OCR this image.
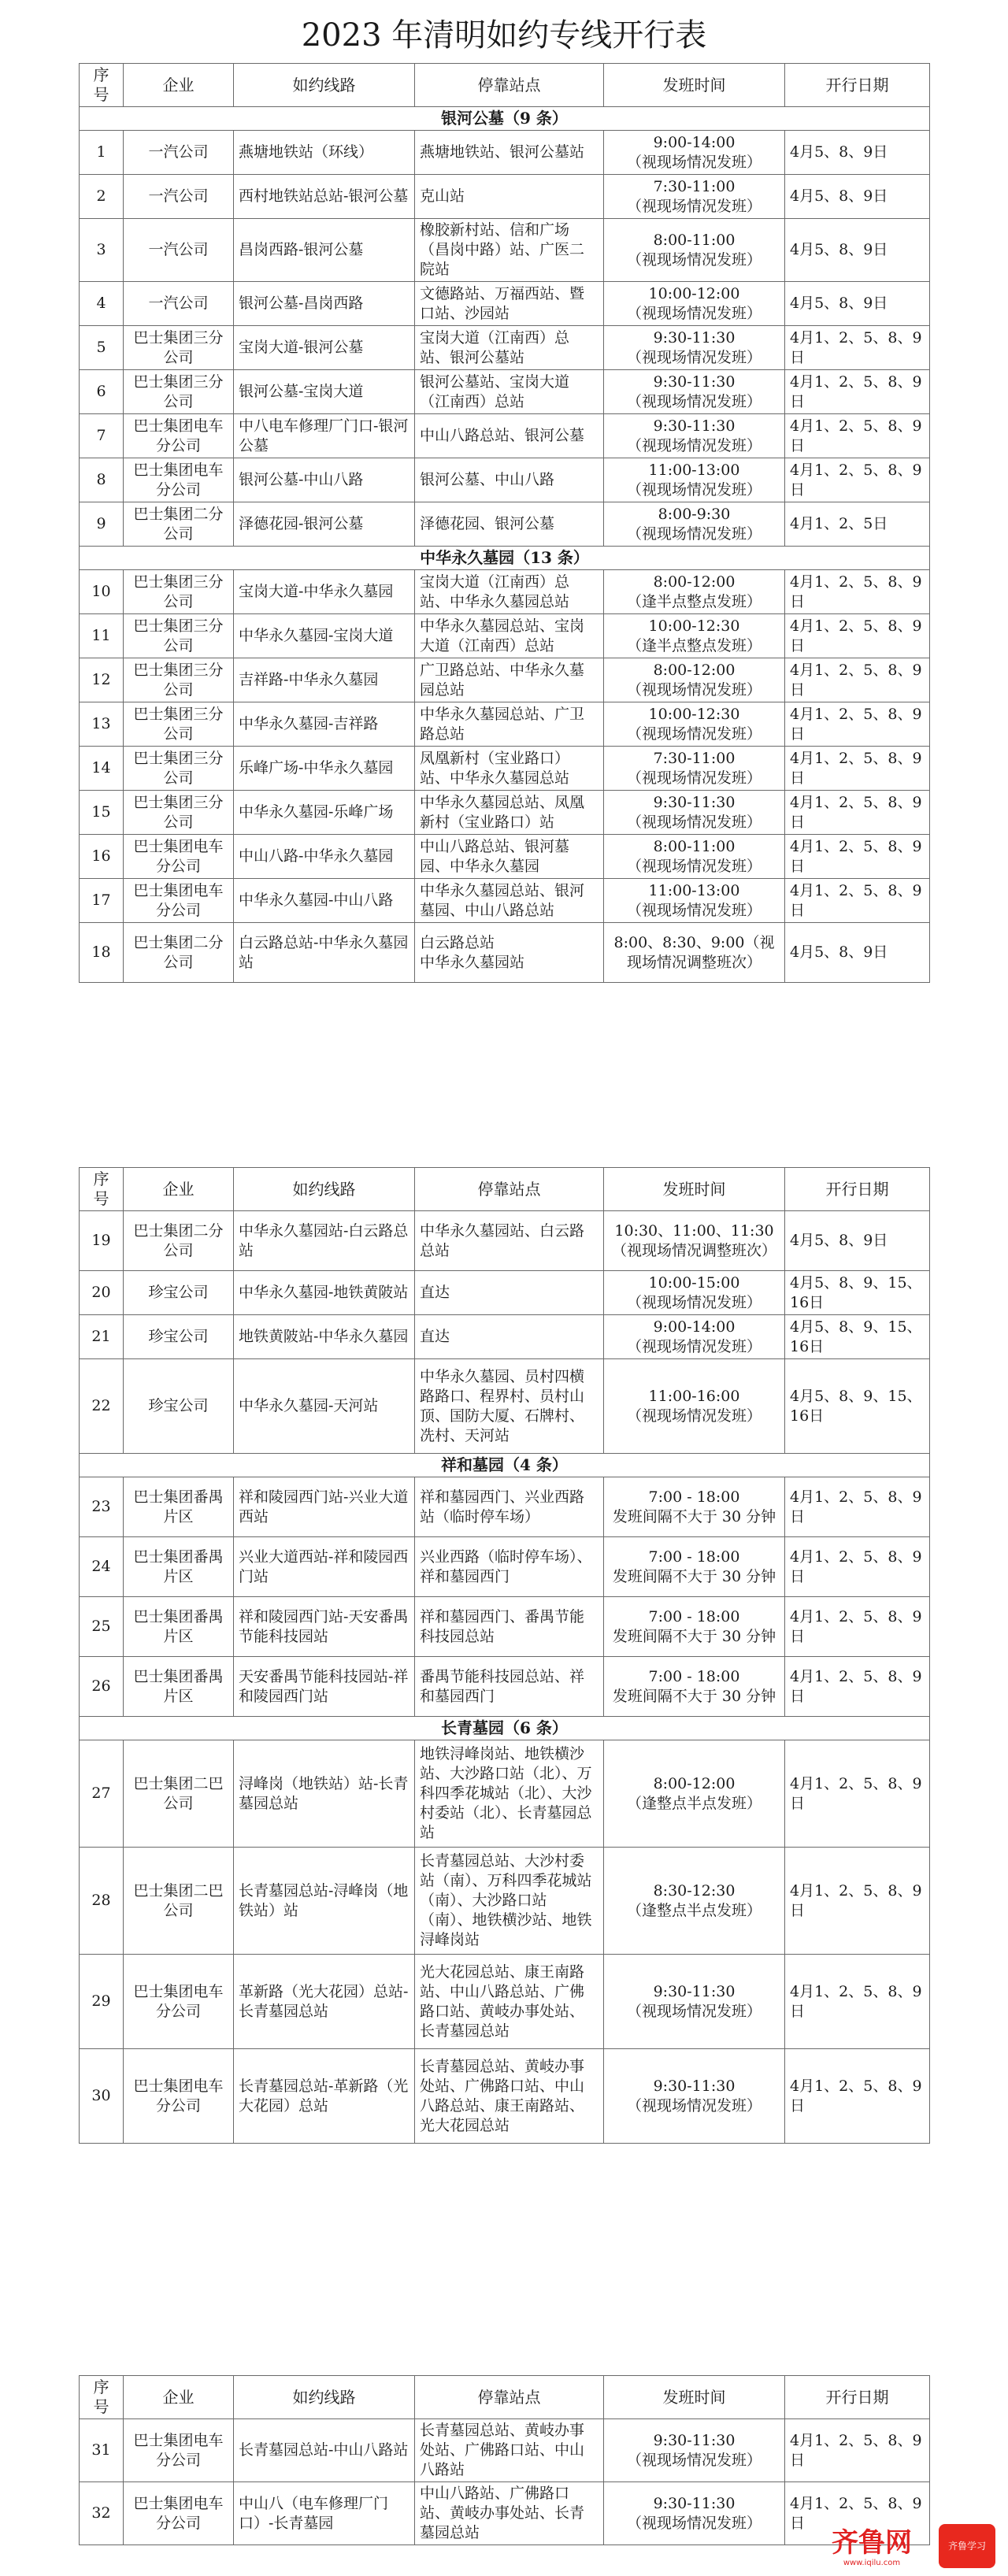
2023 年清明如约专线开行表
序
号	企业	如约线路	停靠站点	发班时间	开行日期
银河公墓（9 条）					
1	一汽公司	燕塘地铁站（环线）	燕塘地铁站、银河公墓站	9:00-14:00
（视现场情况发班）	4月5、8、9日
2	一汽公司	西村地铁站总站-银河公墓	克山站	7:30-11:00
（视现场情况发班）	4月5、8、9日
3	一汽公司	昌岗西路-银河公墓	橡胶新村站、信和广场（昌岗中路）站、广医二院站	8:00-11:00
（视现场情况发班）	4月5、8、9日
4	一汽公司	银河公墓-昌岗西路	文德路站、万福西站、暨口站、沙园站	10:00-12:00
（视现场情况发班）	4月5、8、9日
5	巴士集团三分公司	宝岗大道-银河公墓	宝岗大道（江南西）总站、银河公墓站	9:30-11:30
（视现场情况发班）	4月1、2、5、8、9日
6	巴士集团三分公司	银河公墓-宝岗大道	银河公墓站、宝岗大道（江南西）总站	9:30-11:30
（视现场情况发班）	4月1、2、5、8、9日
7	巴士集团电车分公司	中八电车修理厂门口-银河公墓	中山八路总站、银河公墓	9:30-11:30
（视现场情况发班）	4月1、2、5、8、9日
8	巴士集团电车分公司	银河公墓-中山八路	银河公墓、中山八路	11:00-13:00
（视现场情况发班）	4月1、2、5、8、9日
9	巴士集团二分公司	泽德花园-银河公墓	泽德花园、银河公墓	8:00-9:30
（视现场情况发班）	4月1、2、5日
中华永久墓园（13 条）					
10	巴士集团三分公司	宝岗大道-中华永久墓园	宝岗大道（江南西）总站、中华永久墓园总站	8:00-12:00
（逢半点整点发班）	4月1、2、5、8、9日
11	巴士集团三分公司	中华永久墓园-宝岗大道	中华永久墓园总站、宝岗大道（江南西）总站	10:00-12:30
（逢半点整点发班）	4月1、2、5、8、9日
12	巴士集团三分公司	吉祥路-中华永久墓园	广卫路总站、中华永久墓园总站	8:00-12:00
（视现场情况发班）	4月1、2、5、8、9日
13	巴士集团三分公司	中华永久墓园-吉祥路	中华永久墓园总站、广卫路总站	10:00-12:30
（视现场情况发班）	4月1、2、5、8、9日
14	巴士集团三分公司	乐峰广场-中华永久墓园	凤凰新村（宝业路口）站、中华永久墓园总站	7:30-11:00
（视现场情况发班）	4月1、2、5、8、9日
15	巴士集团三分公司	中华永久墓园-乐峰广场	中华永久墓园总站、凤凰新村（宝业路口）站	9:30-11:30
（视现场情况发班）	4月1、2、5、8、9日
16	巴士集团电车分公司	中山八路-中华永久墓园	中山八路总站、银河墓园、中华永久墓园	8:00-11:00
（视现场情况发班）	4月1、2、5、8、9日
17	巴士集团电车分公司	中华永久墓园-中山八路	中华永久墓园总站、银河墓园、中山八路总站	11:00-13:00
（视现场情况发班）	4月1、2、5、8、9日
18	巴士集团二分公司	白云路总站-中华永久墓园站	白云路总站
中华永久墓园站	8:00、8:30、9:00（视现场情况调整班次）	4月5、8、9日
序
号	企业	如约线路	停靠站点	发班时间	开行日期
19	巴士集团二分公司	中华永久墓园站-白云路总站	中华永久墓园站、白云路总站	10:30、11:00、11:30（视现场情况调整班次）	4月5、8、9日
20	珍宝公司	中华永久墓园-地铁黄陂站	直达	10:00-15:00
（视现场情况发班）	4月5、8、9、15、16日
21	珍宝公司	地铁黄陂站-中华永久墓园	直达	9:00-14:00
（视现场情况发班）	4月5、8、9、15、16日
22	珍宝公司	中华永久墓园-天河站	中华永久墓园、员村四横路路口、程界村、员村山顶、国防大厦、石牌村、冼村、天河站	11:00-16:00
（视现场情况发班）	4月5、8、9、15、16日
祥和墓园（4 条）					
23	巴士集团番禺片区	祥和陵园西门站-兴业大道西站	祥和墓园西门、兴业西路站（临时停车场）	7:00 - 18:00
发班间隔不大于 30 分钟	4月1、2、5、8、9日
24	巴士集团番禺片区	兴业大道西站-祥和陵园西门站	兴业西路（临时停车场）、祥和墓园西门	7:00 - 18:00
发班间隔不大于 30 分钟	4月1、2、5、8、9日
25	巴士集团番禺片区	祥和陵园西门站-天安番禺节能科技园站	祥和墓园西门、番禺节能科技园总站	7:00 - 18:00
发班间隔不大于 30 分钟	4月1、2、5、8、9日
26	巴士集团番禺片区	天安番禺节能科技园站-祥和陵园西门站	番禺节能科技园总站、祥和墓园西门	7:00 - 18:00
发班间隔不大于 30 分钟	4月1、2、5、8、9日
长青墓园（6 条）					
27	巴士集团二巴公司	浔峰岗（地铁站）站-长青墓园总站	地铁浔峰岗站、地铁横沙站、大沙路口站（北）、万科四季花城站（北）、大沙村委站（北）、长青墓园总站	8:00-12:00
（逢整点半点发班）	4月1、2、5、8、9日
28	巴士集团二巴公司	长青墓园总站-浔峰岗（地铁站）站	长青墓园总站、大沙村委站（南）、万科四季花城站（南）、大沙路口站（南）、地铁横沙站、地铁浔峰岗站	8:30-12:30
（逢整点半点发班）	4月1、2、5、8、9日
29	巴士集团电车分公司	革新路（光大花园）总站-长青墓园总站	光大花园总站、康王南路站、中山八路总站、广佛路口站、黄岐办事处站、长青墓园总站	9:30-11:30
（视现场情况发班）	4月1、2、5、8、9日
30	巴士集团电车分公司	长青墓园总站-革新路（光大花园）总站	长青墓园总站、黄岐办事处站、广佛路口站、中山八路总站、康王南路站、光大花园总站	9:30-11:30
（视现场情况发班）	4月1、2、5、8、9日
序
号	企业	如约线路	停靠站点	发班时间	开行日期
31	巴士集团电车分公司	长青墓园总站-中山八路站	长青墓园总站、黄岐办事处站、广佛路口站、中山八路站	9:30-11:30
（视现场情况发班）	4月1、2、5、8、9日
32	巴士集团电车分公司	中山八（电车修理厂门口）-长青墓园	中山八路站、广佛路口站、黄岐办事处站、长青墓园总站	9:30-11:30
（视现场情况发班）	4月1、2、5、8、9日
齐鲁网
www.iqilu.com
齐鲁学习
